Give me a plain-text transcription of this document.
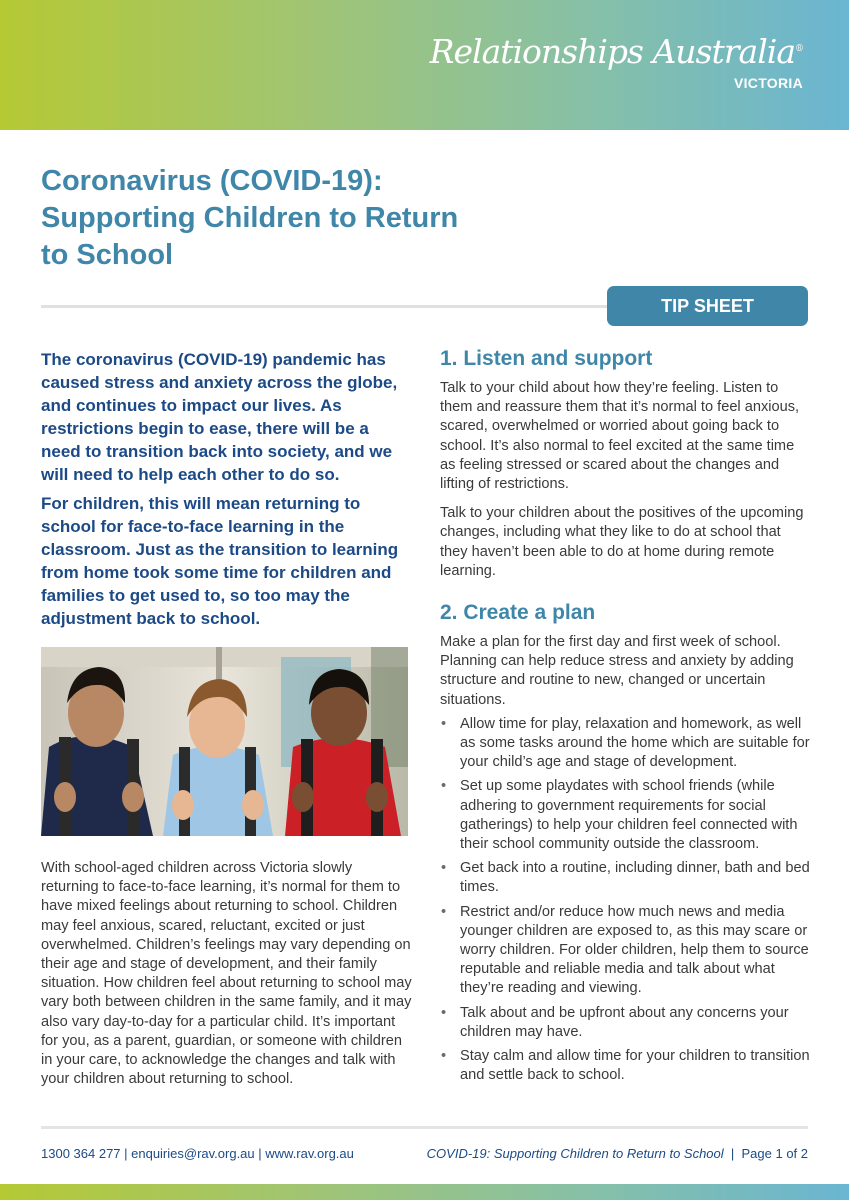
Relationships Australia®
VICTORIA
Coronavirus (COVID-19): Supporting Children to Return to School
TIP SHEET

The coronavirus (COVID-19) pandemic has caused stress and anxiety across the globe, and continues to impact our lives. As restrictions begin to ease, there will be a need to transition back into society, and we will need to help each other to do so.

For children, this will mean returning to school for face-to-face learning in the classroom. Just as the transition to learning from home took some time for children and families to get used to, so too may the adjustment back to school.

With school-aged children across Victoria slowly returning to face-to-face learning, it’s normal for them to have mixed feelings about returning to school. Children may feel anxious, scared, reluctant, excited or just overwhelmed. Children’s feelings may vary depending on their age and stage of development, and their family situation. How children feel about returning to school may vary both between children in the same family, and it may also vary day-to-day for a particular child. It’s important for you, as a parent, guardian, or someone with children in your care, to acknowledge the changes and talk with your children about returning to school.

1. Listen and support

Talk to your child about how they’re feeling. Listen to them and reassure them that it’s normal to feel anxious, scared, overwhelmed or worried about going back to school. It’s also normal to feel excited at the same time as feeling stressed or scared about the changes and lifting of restrictions.

Talk to your children about the positives of the upcoming changes, including what they like to do at school that they haven’t been able to do at home during remote learning.

2. Create a plan

Make a plan for the first day and first week of school. Planning can help reduce stress and anxiety by adding structure and routine to new, changed or uncertain situations.

• Allow time for play, relaxation and homework, as well as some tasks around the home which are suitable for your child’s age and stage of development.
• Set up some playdates with school friends (while adhering to government requirements for social gatherings) to help your children feel connected with their school community outside the classroom.
• Get back into a routine, including dinner, bath and bed times.
• Restrict and/or reduce how much news and media younger children are exposed to, as this may scare or worry children. For older children, help them to source reputable and reliable media and talk about what they’re reading and viewing.
• Talk about and be upfront about any concerns your children may have.
• Stay calm and allow time for your children to transition and settle back to school.
1300 364 277 | enquiries@rav.org.au | www.rav.org.au	COVID-19: Supporting Children to Return to School  |  Page 1 of 2
